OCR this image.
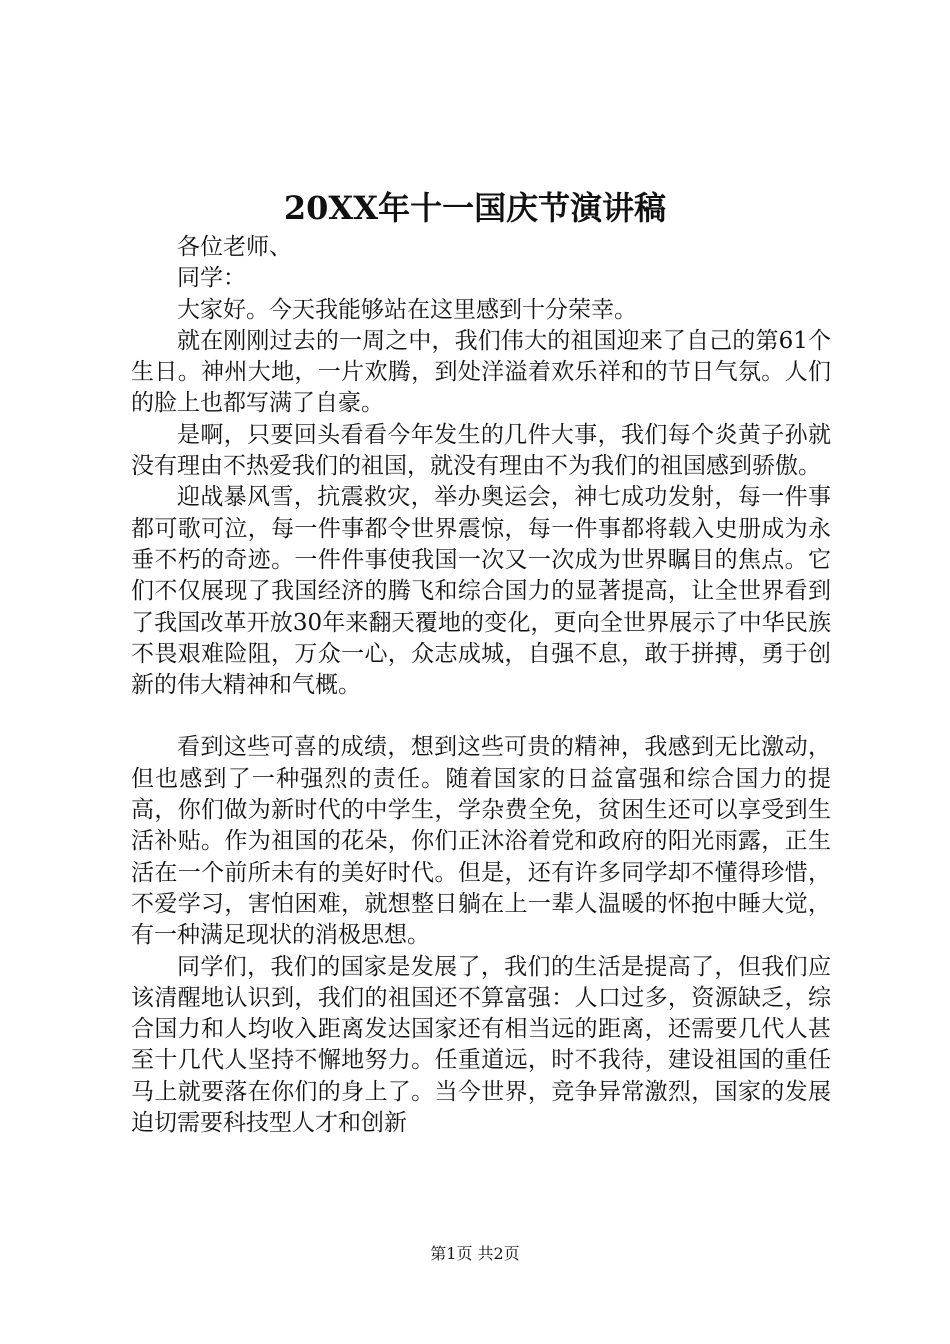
20XX年十一国庆节演讲稿

各位老师、

同学：

大家好。今天我能够站在这里感到十分荣幸。

就在刚刚过去的一周之中，我们伟大的祖国迎来了自己的第61个生日。神州大地，一片欢腾，到处洋溢着欢乐祥和的节日气氛。人们的脸上也都写满了自豪。

是啊，只要回头看看今年发生的几件大事，我们每个炎黄子孙就没有理由不热爱我们的祖国，就没有理由不为我们的祖国感到骄傲。

迎战暴风雪，抗震救灾，举办奥运会，神七成功发射，每一件事都可歌可泣，每一件事都令世界震惊，每一件事都将载入史册成为永垂不朽的奇迹。一件件事使我国一次又一次成为世界瞩目的焦点。它们不仅展现了我国经济的腾飞和综合国力的显著提高，让全世界看到了我国改革开放30年来翻天覆地的变化，更向全世界展示了中华民族不畏艰难险阻，万众一心，众志成城，自强不息，敢于拼搏，勇于创新的伟大精神和气概。

看到这些可喜的成绩，想到这些可贵的精神，我感到无比激动，但也感到了一种强烈的责任。随着国家的日益富强和综合国力的提高，你们做为新时代的中学生，学杂费全免，贫困生还可以享受到生活补贴。作为祖国的花朵，你们正沐浴着党和政府的阳光雨露，正生活在一个前所未有的美好时代。但是，还有许多同学却不懂得珍惜，不爱学习，害怕困难，就想整日躺在上一辈人温暖的怀抱中睡大觉，有一种满足现状的消极思想。

同学们，我们的国家是发展了，我们的生活是提高了，但我们应该清醒地认识到，我们的祖国还不算富强：人口过多，资源缺乏，综合国力和人均收入距离发达国家还有相当远的距离，还需要几代人甚至十几代人坚持不懈地努力。任重道远，时不我待，建设祖国的重任马上就要落在你们的身上了。当今世界，竞争异常激烈，国家的发展迫切需要科技型人才和创新

第1页 共2页
